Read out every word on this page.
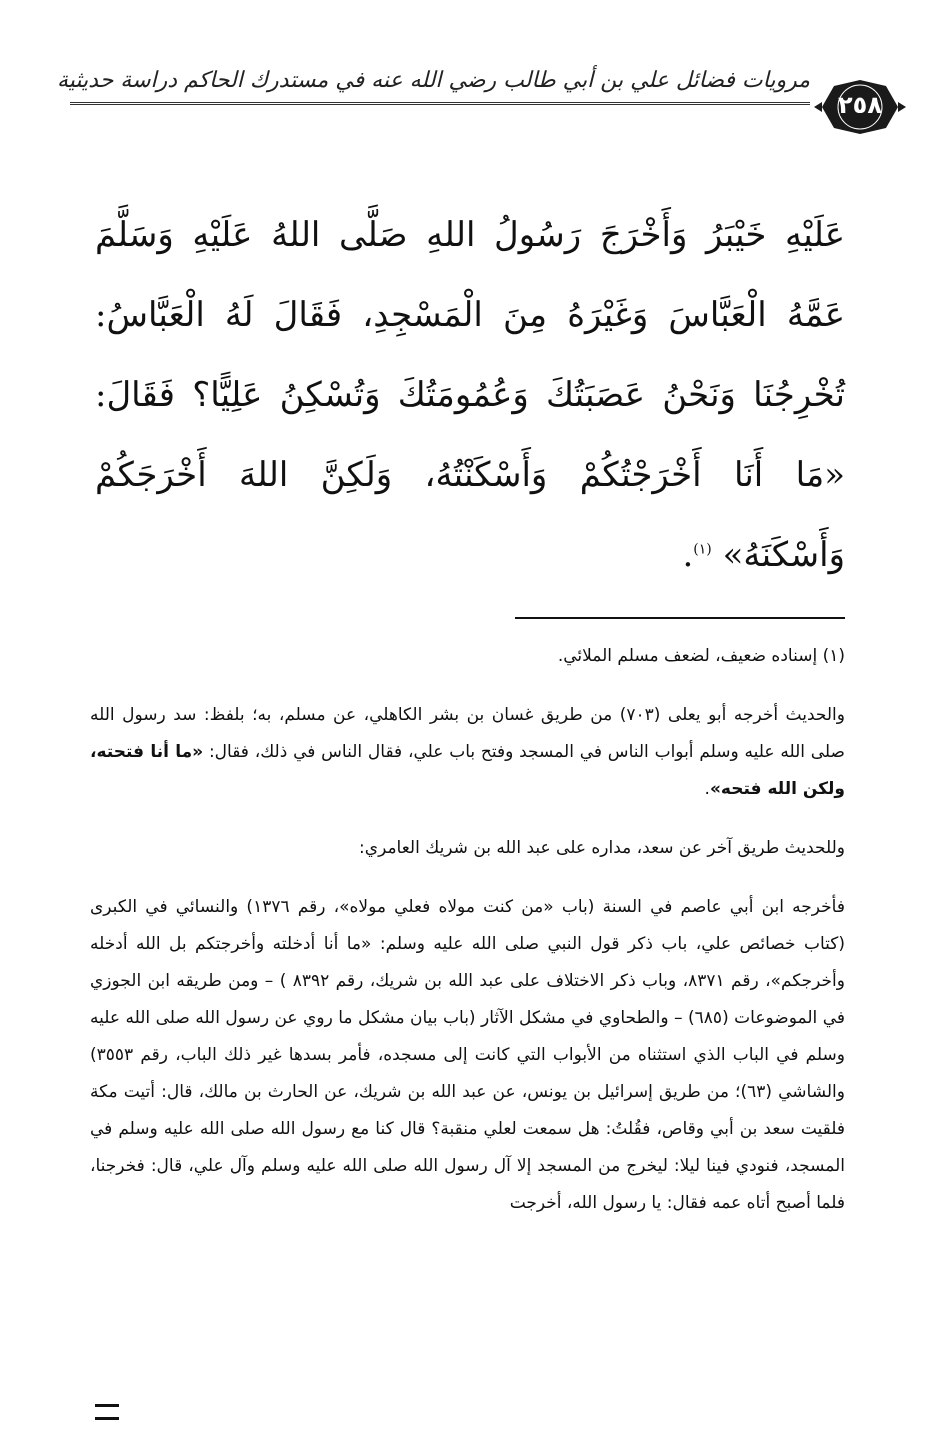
مرويات فضائل علي بن أبي طالب رضي الله عنه في مستدرك الحاكم دراسة حديثية
٢٥٨
عَلَيْهِ خَيْبَرُ وَأَخْرَجَ رَسُولُ اللهِ صَلَّى اللهُ عَلَيْهِ وَسَلَّمَ عَمَّهُ الْعَبَّاسَ وَغَيْرَهُ مِنَ الْمَسْجِدِ، فَقَالَ لَهُ الْعَبَّاسُ: تُخْرِجُنَا وَنَحْنُ عَصَبَتُكَ وَعُمُومَتُكَ وَتُسْكِنُ عَلِيًّا؟ فَقَالَ: «مَا أَنَا أَخْرَجْتُكُمْ وَأَسْكَنْتُهُ، وَلَكِنَّ اللهَ أَخْرَجَكُمْ وَأَسْكَنَهُ» $^{(١)}$.

(١) إسناده ضعيف، لضعف مسلم الملائي.

والحديث أخرجه أبو يعلى (٧٠٣) من طريق غسان بن بشر الكاهلي، عن مسلم، به؛ بلفظ: سد رسول الله صلى الله عليه وسلم أبواب الناس في المسجد وفتح باب علي، فقال الناس في ذلك، فقال: «ما أنا فتحته، ولكن الله فتحه».

وللحديث طريق آخر عن سعد، مداره على عبد الله بن شريك العامري:

فأخرجه ابن أبي عاصم في السنة (باب «من كنت مولاه فعلي مولاه»، رقم ١٣٧٦) والنسائي في الكبرى (كتاب خصائص علي، باب ذكر قول النبي صلى الله عليه وسلم: «ما أنا أدخلته وأخرجتكم بل الله أدخله وأخرجكم»، رقم ٨٣٧١، وباب ذكر الاختلاف على عبد الله بن شريك، رقم ٨٣٩٢ ) – ومن طريقه ابن الجوزي في الموضوعات (٦٨٥) – والطحاوي في مشكل الآثار (باب بيان مشكل ما روي عن رسول الله صلى الله عليه وسلم في الباب الذي استثناه من الأبواب التي كانت إلى مسجده، فأمر بسدها غير ذلك الباب، رقم ٣٥٥٣) والشاشي (٦٣)؛ من طريق إسرائيل بن يونس، عن عبد الله بن شريك، عن الحارث بن مالك، قال: أتيت مكة فلقيت سعد بن أبي وقاص، فقُلتُ: هل سمعت لعلي منقبة؟ قال كنا مع رسول الله صلى الله عليه وسلم في المسجد، فنودي فينا ليلا: ليخرج من المسجد إلا آل رسول الله صلى الله عليه وسلم وآل علي، قال: فخرجنا، فلما أصبح أتاه عمه فقال: يا رسول الله، أخرجت
